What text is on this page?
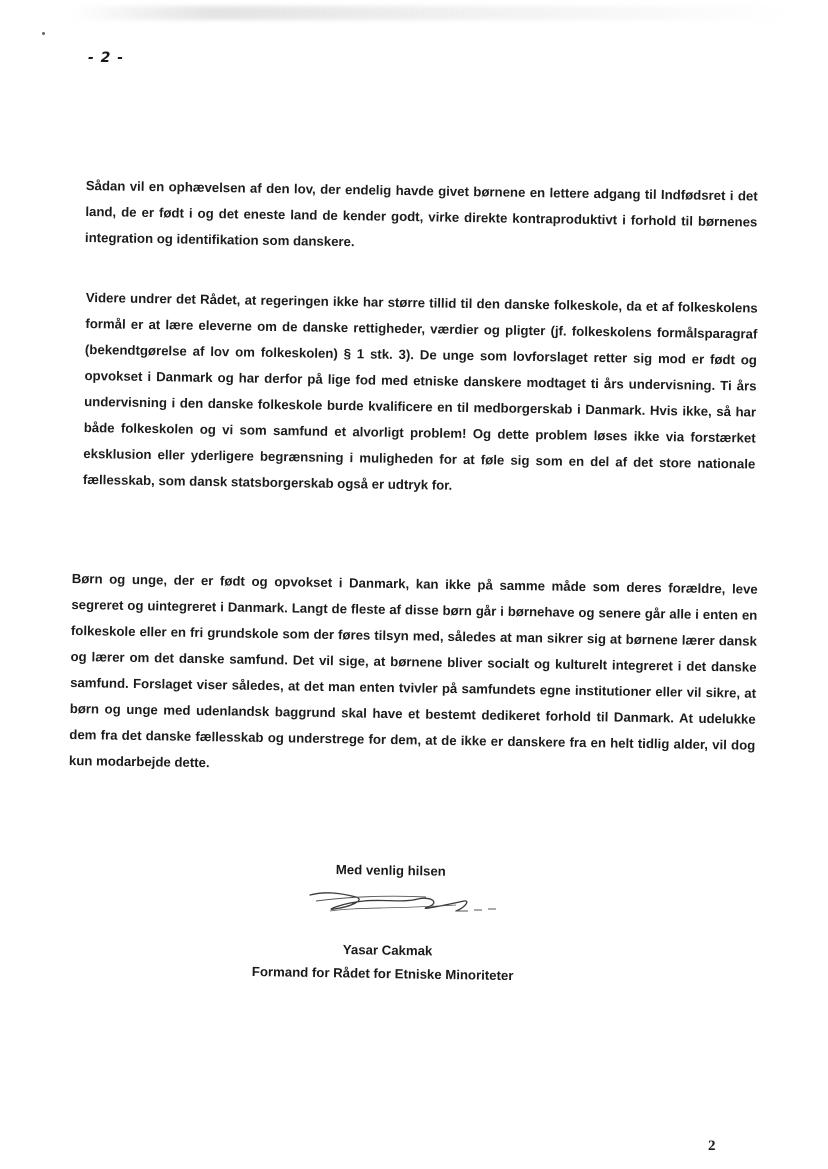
- 2 -

Sådan vil en ophævelsen af den lov, der endelig havde givet børnene en lettere adgang til Indfødsret i det land, de er født i og det eneste land de kender godt, virke direkte kontraproduktivt i forhold til børnenes integration og identifikation som danskere.

Videre undrer det Rådet, at regeringen ikke har større tillid til den danske folkeskole, da et af folkeskolens formål er at lære eleverne om de danske rettigheder, værdier og pligter (jf. folkeskolens formålsparagraf (bekendtgørelse af lov om folkeskolen) § 1 stk. 3). De unge som lovforslaget retter sig mod er født og opvokset i Danmark og har derfor på lige fod med etniske danskere modtaget ti års undervisning. Ti års undervisning i den danske folkeskole burde kvalificere en til medborgerskab i Danmark. Hvis ikke, så har både folkeskolen og vi som samfund et alvorligt problem! Og dette problem løses ikke via forstærket eksklusion eller yderligere begrænsning i muligheden for at føle sig som en del af det store nationale fællesskab, som dansk statsborgerskab også er udtryk for.

Børn og unge, der er født og opvokset i Danmark, kan ikke på samme måde som deres forældre, leve segreret og uintegreret i Danmark. Langt de fleste af disse børn går i børnehave og senere går alle i enten en folkeskole eller en fri grundskole som der føres tilsyn med, således at man sikrer sig at børnene lærer dansk og lærer om det danske samfund. Det vil sige, at børnene bliver socialt og kulturelt integreret i det danske samfund. Forslaget viser således, at det man enten tvivler på samfundets egne institutioner eller vil sikre, at børn og unge med udenlandsk baggrund skal have et bestemt dedikeret forhold til Danmark. At udelukke dem fra det danske fællesskab og understrege for dem, at de ikke er danskere fra en helt tidlig alder, vil dog kun modarbejde dette.

Med venlig hilsen
Yasar Cakmak
Formand for Rådet for Etniske Minoriteter
2
